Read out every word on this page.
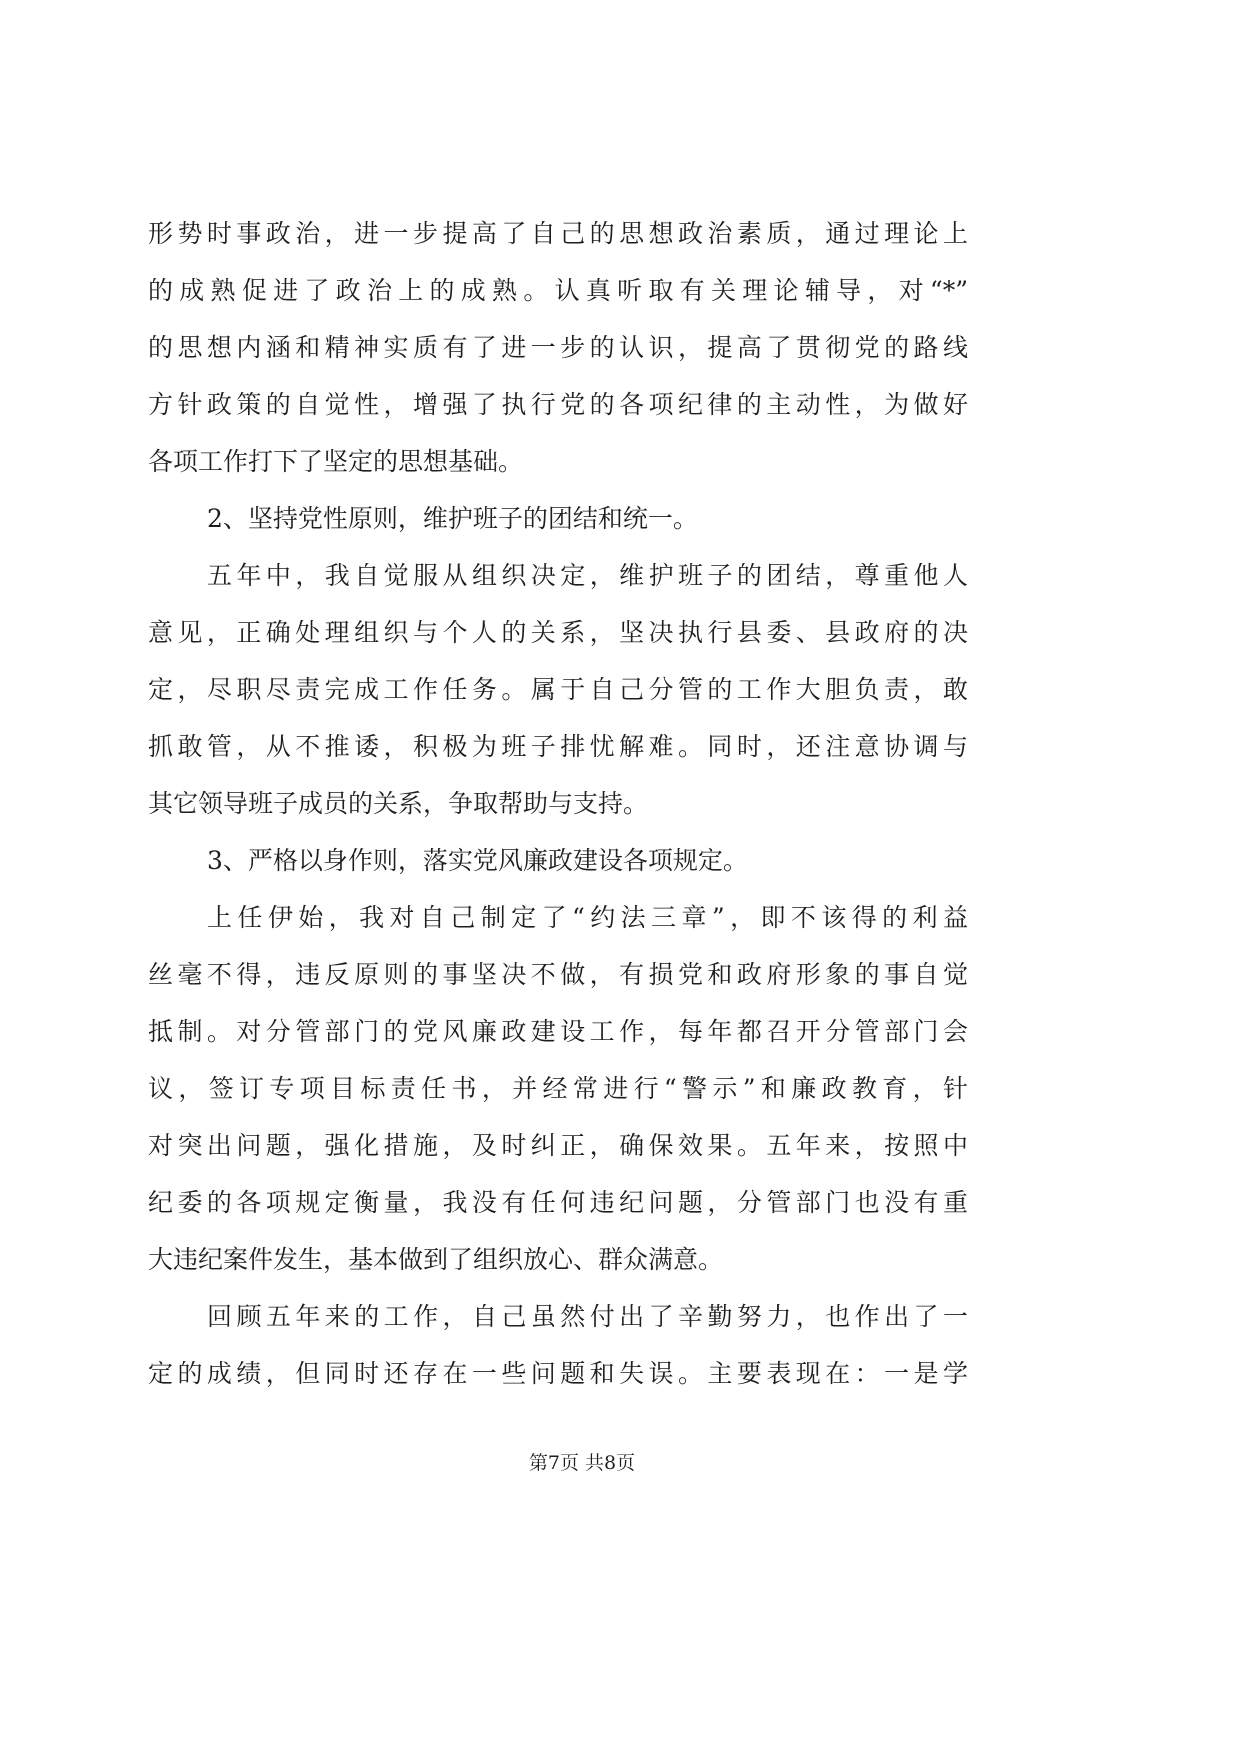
形势时事政治，进一步提高了自己的思想政治素质，通过理论上
的成熟促进了政治上的成熟。认真听取有关理论辅导，对“*”
的思想内涵和精神实质有了进一步的认识，提高了贯彻党的路线
方针政策的自觉性，增强了执行党的各项纪律的主动性，为做好
各项工作打下了坚定的思想基础。
2、坚持党性原则，维护班子的团结和统一。
五年中，我自觉服从组织决定，维护班子的团结，尊重他人
意见，正确处理组织与个人的关系，坚决执行县委、县政府的决
定，尽职尽责完成工作任务。属于自己分管的工作大胆负责，敢
抓敢管，从不推诿，积极为班子排忧解难。同时，还注意协调与
其它领导班子成员的关系，争取帮助与支持。
3、严格以身作则，落实党风廉政建设各项规定。
上任伊始，我对自己制定了“约法三章”，即不该得的利益
丝毫不得，违反原则的事坚决不做，有损党和政府形象的事自觉
抵制。对分管部门的党风廉政建设工作，每年都召开分管部门会
议，签订专项目标责任书，并经常进行“警示”和廉政教育，针
对突出问题，强化措施，及时纠正，确保效果。五年来，按照中
纪委的各项规定衡量，我没有任何违纪问题，分管部门也没有重
大违纪案件发生，基本做到了组织放心、群众满意。
回顾五年来的工作，自己虽然付出了辛勤努力，也作出了一
定的成绩，但同时还存在一些问题和失误。主要表现在：一是学
第7页 共8页
